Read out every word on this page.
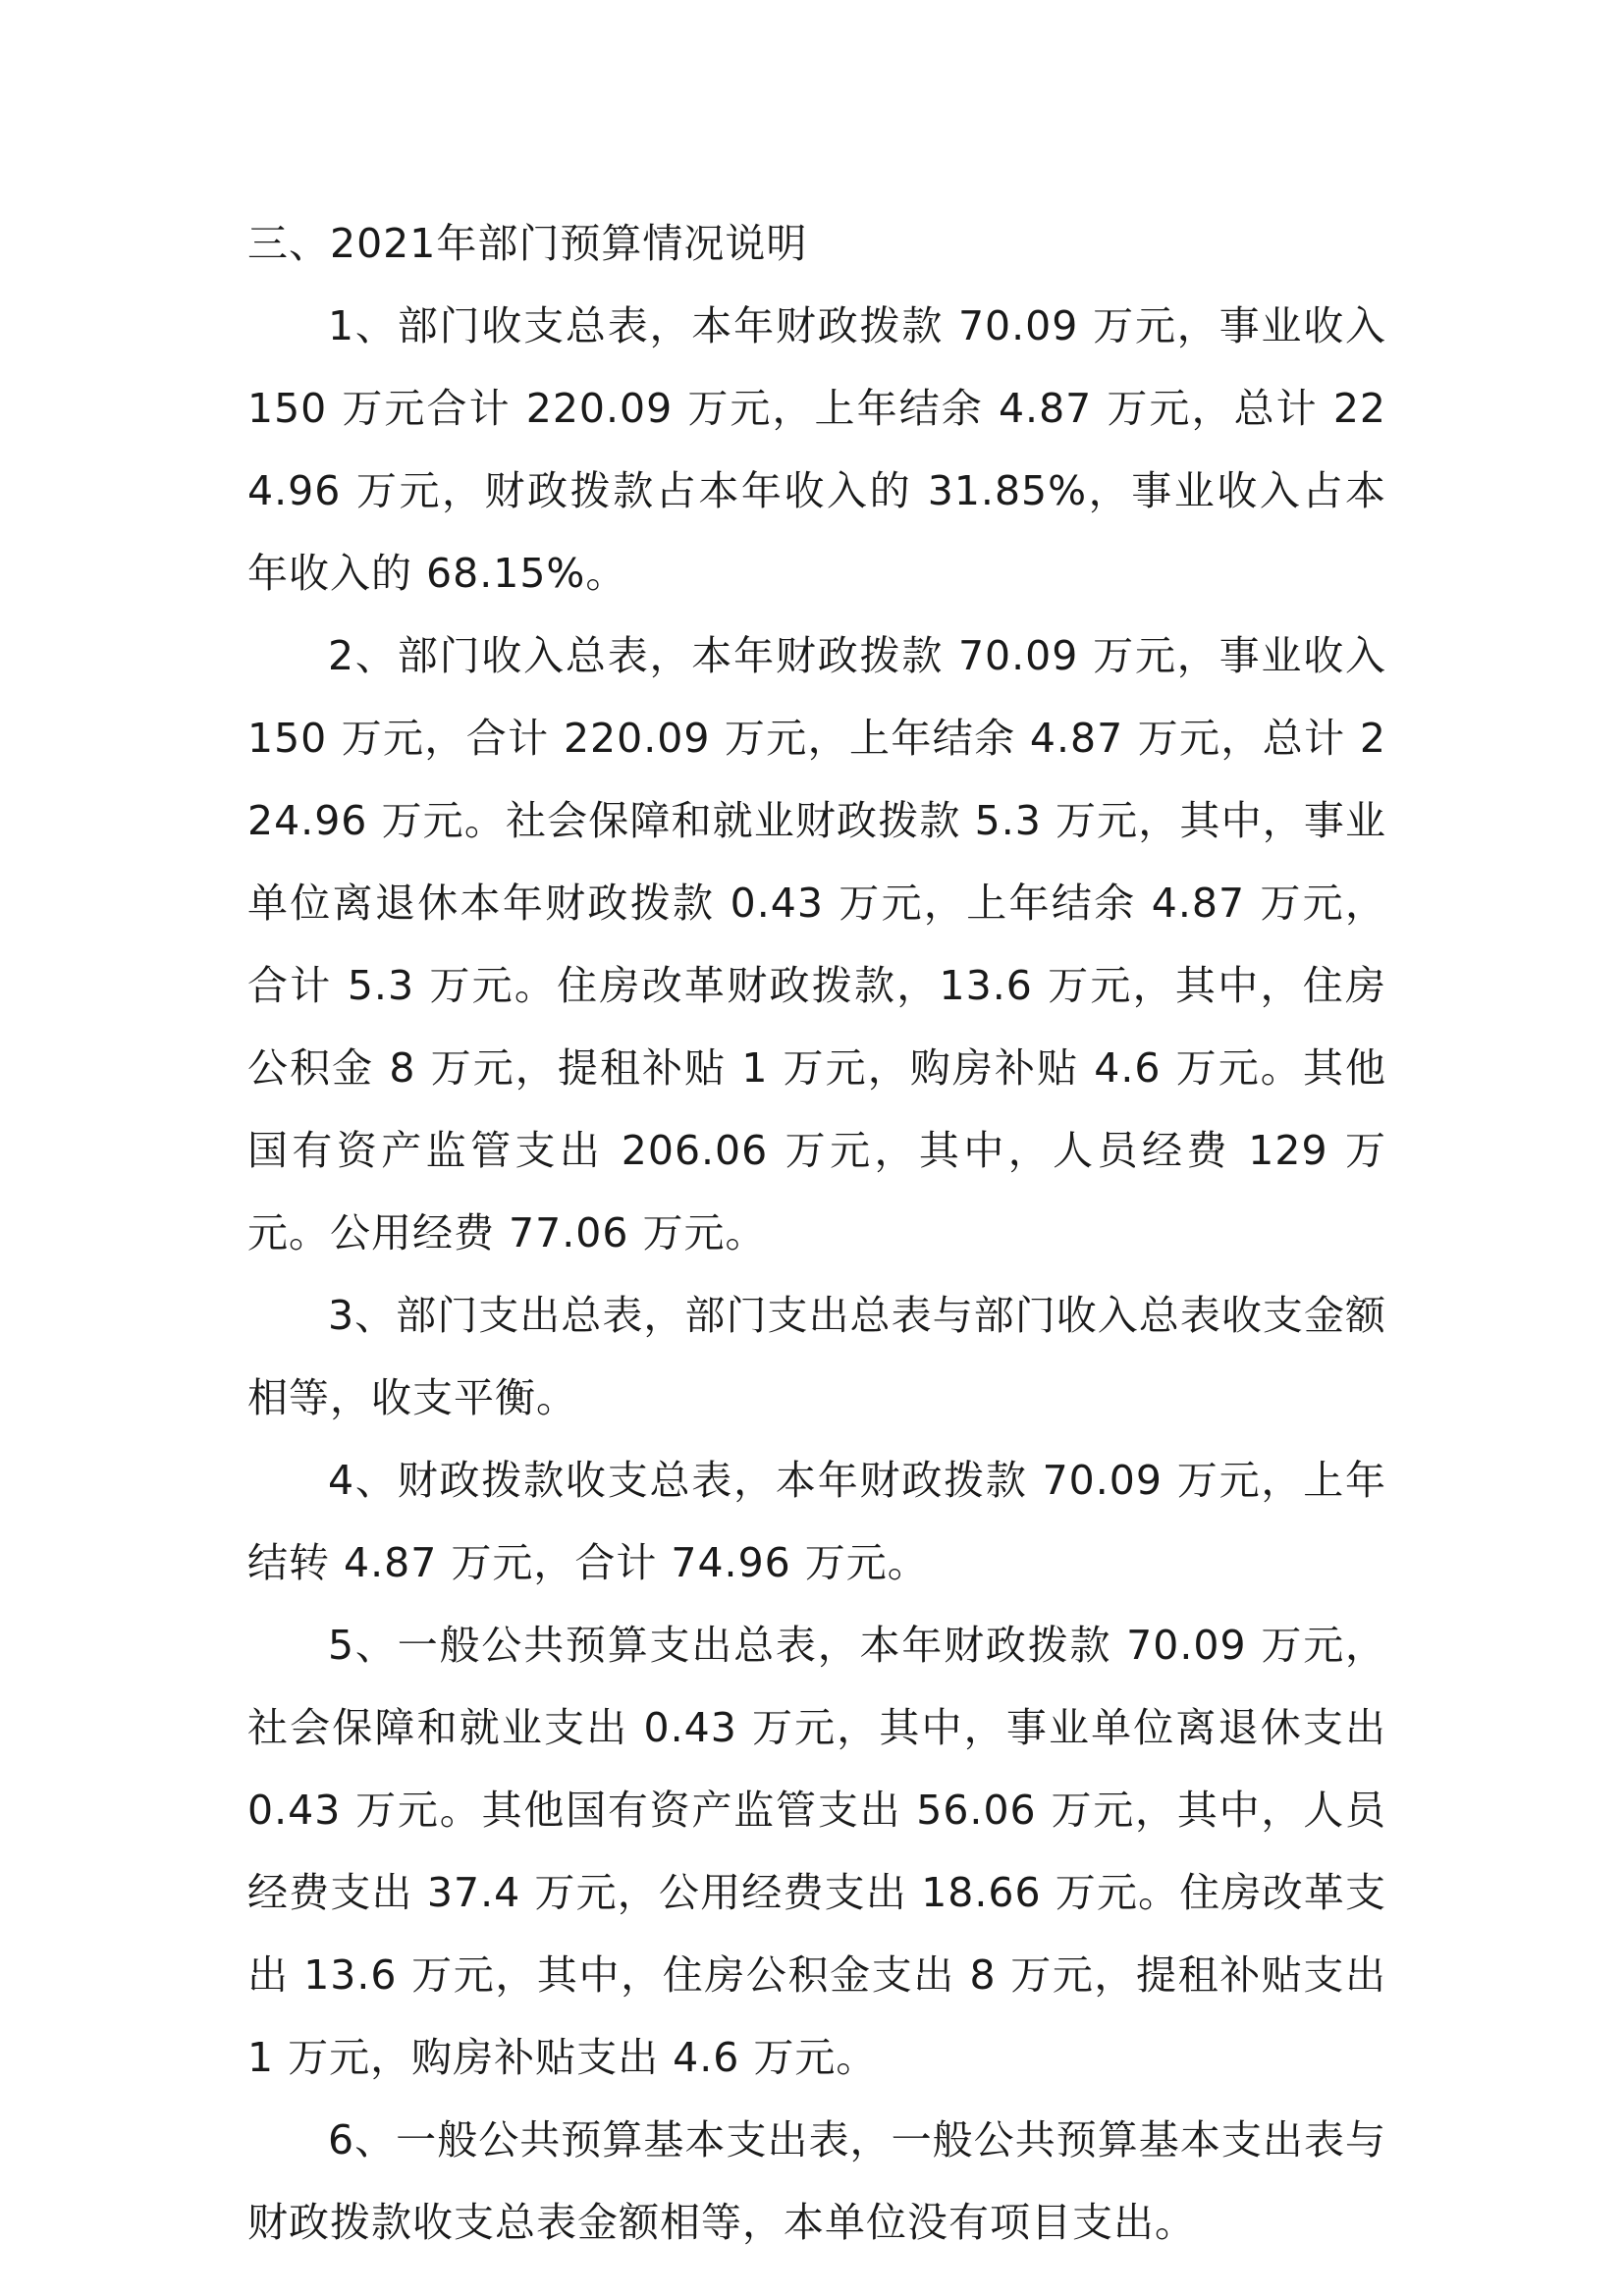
三、2021年部门预算情况说明

1、部门收支总表，本年财政拨款 70.09 万元，事业收入 150 万元合计 220.09 万元，上年结余 4.87 万元，总计 224.96 万元，财政拨款占本年收入的 31.85%，事业收入占本年收入的 68.15%。

2、部门收入总表，本年财政拨款 70.09 万元，事业收入 150 万元，合计 220.09 万元，上年结余 4.87 万元，总计 224.96 万元。社会保障和就业财政拨款 5.3 万元，其中，事业单位离退休本年财政拨款 0.43 万元，上年结余 4.87 万元，合计 5.3 万元。住房改革财政拨款，13.6 万元，其中，住房公积金 8 万元，提租补贴 1 万元，购房补贴 4.6 万元。其他国有资产监管支出 206.06 万元，其中，人员经费 129 万元。公用经费 77.06 万元。

3、部门支出总表，部门支出总表与部门收入总表收支金额相等，收支平衡。

4、财政拨款收支总表，本年财政拨款 70.09 万元，上年结转 4.87 万元，合计 74.96 万元。

5、一般公共预算支出总表，本年财政拨款 70.09 万元，社会保障和就业支出 0.43 万元，其中，事业单位离退休支出 0.43 万元。其他国有资产监管支出 56.06 万元，其中，人员经费支出 37.4 万元，公用经费支出 18.66 万元。住房改革支出 13.6 万元，其中，住房公积金支出 8 万元，提租补贴支出 1 万元，购房补贴支出 4.6 万元。

6、一般公共预算基本支出表，一般公共预算基本支出表与财政拨款收支总表金额相等，本单位没有项目支出。
